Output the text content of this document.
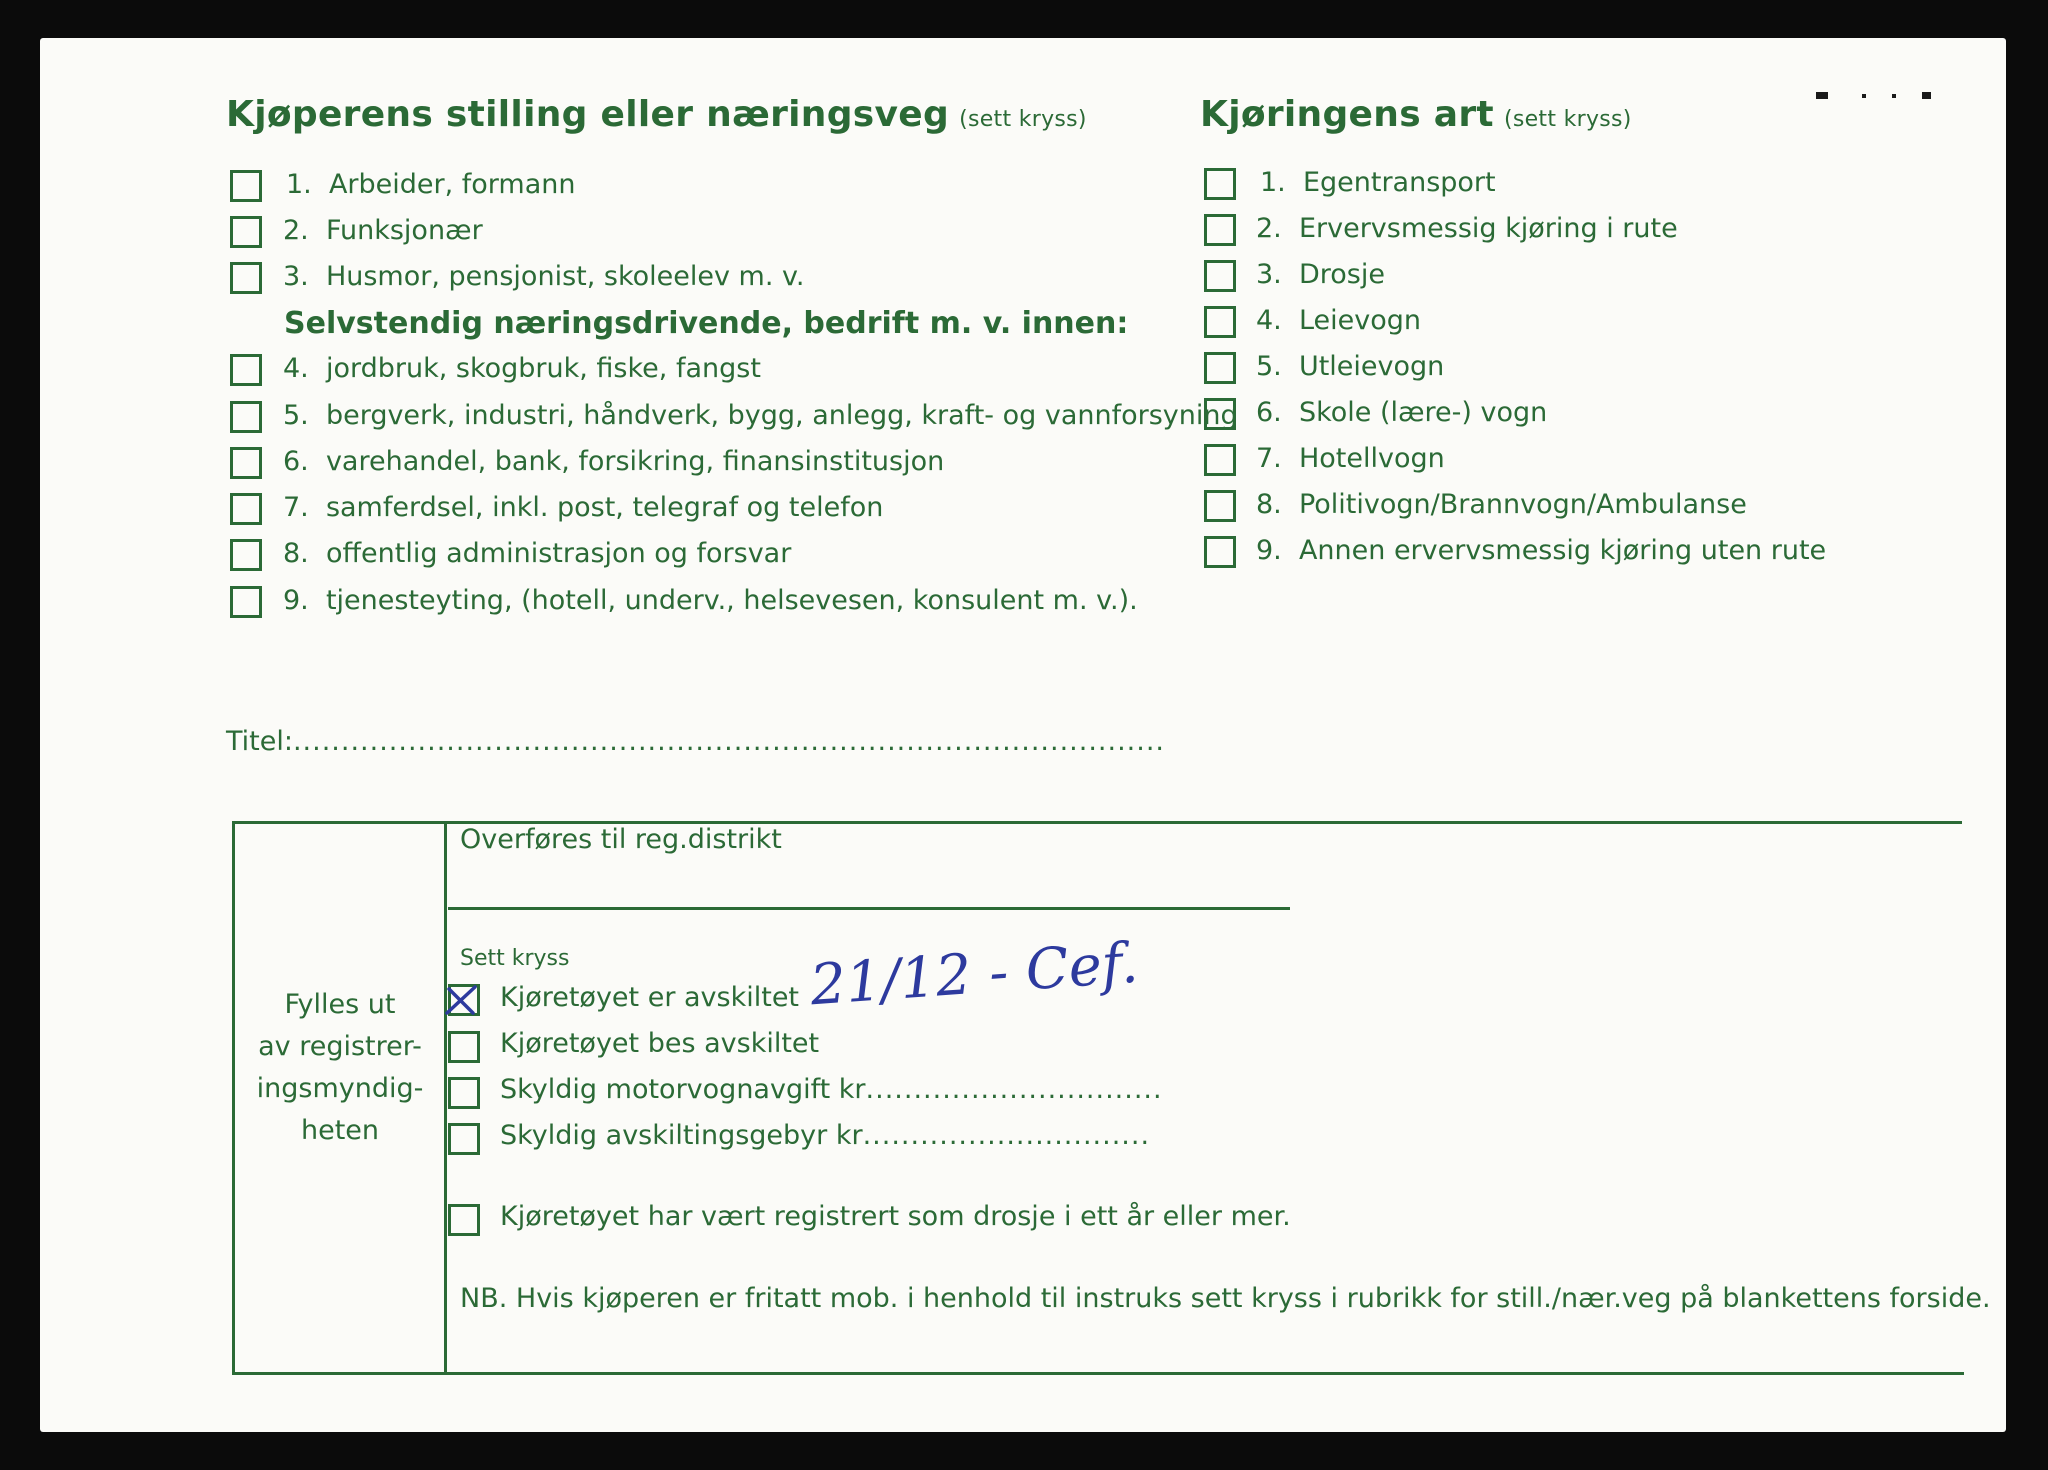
Kjøperens stilling eller næringsveg (sett kryss)
1. Arbeider, formann
2. Funksjonær
3. Husmor, pensjonist, skoleelev m. v.
Selvstendig næringsdrivende, bedrift m. v. innen:
4. jordbruk, skogbruk, fiske, fangst
5. bergverk, industri, håndverk, bygg, anlegg, kraft- og vannforsyning
6. varehandel, bank, forsikring, finansinstitusjon
7. samferdsel, inkl. post, telegraf og telefon
8. offentlig administrasjon og forsvar
9. tjenesteyting, (hotell, underv., helsevesen, konsulent m. v.).
Titel:...........................................................................................
Kjøringens art (sett kryss)
1. Egentransport
2. Ervervsmessig kjøring i rute
3. Drosje
4. Leievogn
5. Utleievogn
6. Skole (lære-) vogn
7. Hotellvogn
8. Politivogn/Brannvogn/Ambulanse
9. Annen ervervsmessig kjøring uten rute
Fylles ut
av registrer-
ingsmyndig-
heten
Overføres til reg.distrikt
Sett kryss
Kjøretøyet er avskiltet
Kjøretøyet bes avskiltet
Skyldig motorvognavgift kr...............................
Skyldig avskiltingsgebyr kr..............................
Kjøretøyet har vært registrert som drosje i ett år eller mer.
21/12 - Cef.
NB. Hvis kjøperen er fritatt mob. i henhold til instruks sett kryss i rubrikk for still./nær.veg på blankettens forside.
